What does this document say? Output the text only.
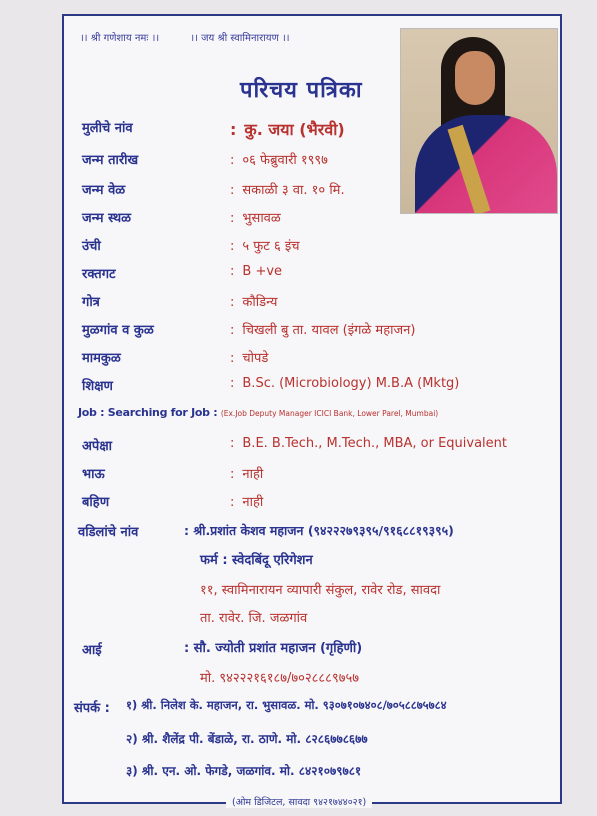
।। श्री गणेशाय नमः ।।	।। जय श्री स्वामिनारायण ।।
परिचय पत्रिका
मुलीचे नांव	: कु. जया (भैरवी)
जन्म तारीख	: ०६ फेब्रुवारी १९९७
जन्म वेळ	: सकाळी ३ वा. १० मि.
जन्म स्थळ	: भुसावळ
उंची	: ५ फुट ६ इंच
रक्तगट	: B +ve
गोत्र	: कौडिन्य
मुळगांव व कुळ	: चिखली बु ता. यावल (इंगळे महाजन)
मामकुळ	: चोपडे
शिक्षण	: B.Sc. (Microbiology) M.B.A (Mktg)
Job : Searching for Job : (Ex.Job Deputy Manager ICICI Bank, Lower Parel, Mumbai)
अपेक्षा	: B.E. B.Tech., M.Tech., MBA, or Equivalent
भाऊ	: नाही
बहिण	: नाही
वडिलांचे नांव	: श्री.प्रशांत केशव महाजन (९४२२२७९३९५/९१६८८१९३९५)
फर्म : स्वेदबिंदू एरिगेशन
११, स्वामिनारायन व्यापारी संकुल, रावेर रोड, सावदा
ता. रावेर. जि. जळगांव
आई	: सौ. ज्योती प्रशांत महाजन (गृहिणी)
मो. ९४२२२१६१८७/७०२८८८९७५७
संपर्क : १) श्री. निलेश के. महाजन, रा. भुसावळ. मो. ९३०७१०७४०८/७०५८८७५७८४
२) श्री. शैलेंद्र पी. बेंडाळे, रा. ठाणे. मो. ८२८६७७८६७७
३) श्री. एन. ओ. फेगडे, जळगांव. मो. ८४२१०७९७८१
(ओम डिजिटल, सावदा ९४२१७४४०२१)
